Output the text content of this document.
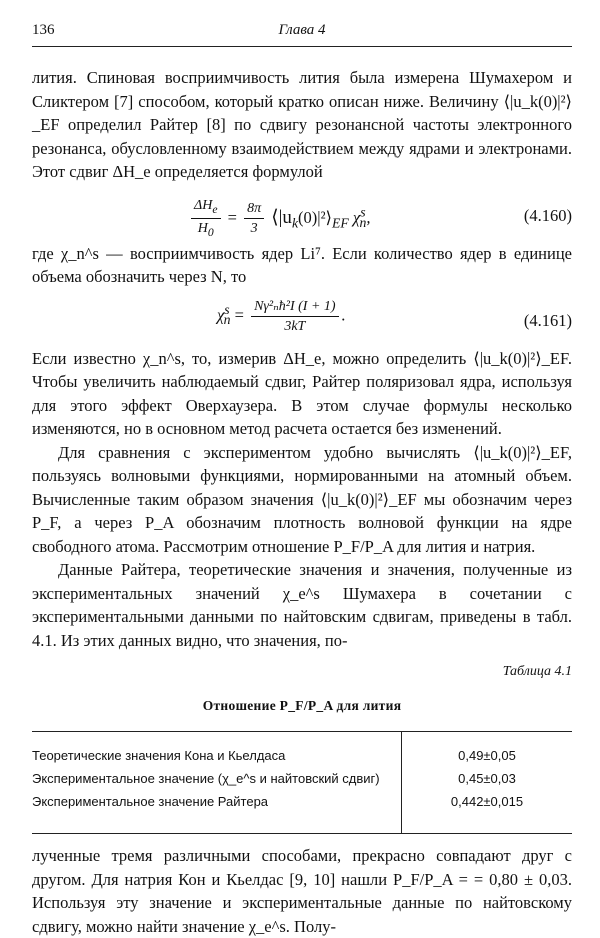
136	Глава 4

лития. Спиновая восприимчивость лития была измерена Шумахером и Сликтером [7] способом, который кратко описан ниже. Величину ⟨|u_k(0)|²⟩_EF определил Райтер [8] по сдвигу резонансной частоты электронного резонанса, обусловленному взаимодействием между ядрами и электронами. Этот сдвиг ΔH_e определяется формулой

$\frac{\Delta H_e}{H_0} = \frac{8\pi}{3}$ $⟨|u_k(0)|^2⟩_{EF}$ $\chi^s_n$,	(4.160)

где χ_n^s — восприимчивость ядер Li⁷. Если количество ядер в единице объема обозначить через N, то

$\chi^s_n = \frac{\text{Nγ²ₙħ²I (I + 1)}}{3kT}$ .	(4.161)

Если известно χ_n^s, то, измерив ΔH_e, можно определить ⟨|u_k(0)|²⟩_EF. Чтобы увеличить наблюдаемый сдвиг, Райтер поляризовал ядра, используя для этого эффект Оверхаузера. В этом случае формулы несколько изменяются, но в основном метод расчета остается без изменений.

Для сравнения с экспериментом удобно вычислять ⟨|u_k(0)|²⟩_EF, пользуясь волновыми функциями, нормированными на атомный объем. Вычисленные таким образом значения ⟨|u_k(0)|²⟩_EF мы обозначим через P_F, а через P_A обозначим плотность волновой функции на ядре свободного атома. Рассмотрим отношение P_F/P_A для лития и натрия.

Данные Райтера, теоретические значения и значения, полученные из экспериментальных значений χ_e^s Шумахера в сочетании с экспериментальными данными по найтовским сдвигам, приведены в табл. 4.1. Из этих данных видно, что значения, по-

Таблица 4.1
Отношение P_F/P_A для лития
Теоретические значения Кона и Кьелдаса	0,49±0,05
Экспериментальное значение (χ_e^s и найтовский сдвиг)	0,45±0,03
Экспериментальное значение Райтера	0,442±0,015

лученные тремя различными способами, прекрасно совпадают друг с другом. Для натрия Кон и Кьелдас [9, 10] нашли P_F/P_A = = 0,80 ± 0,03. Используя эту значение и экспериментальные данные по найтовскому сдвигу, можно найти значение χ_e^s. Полу-
